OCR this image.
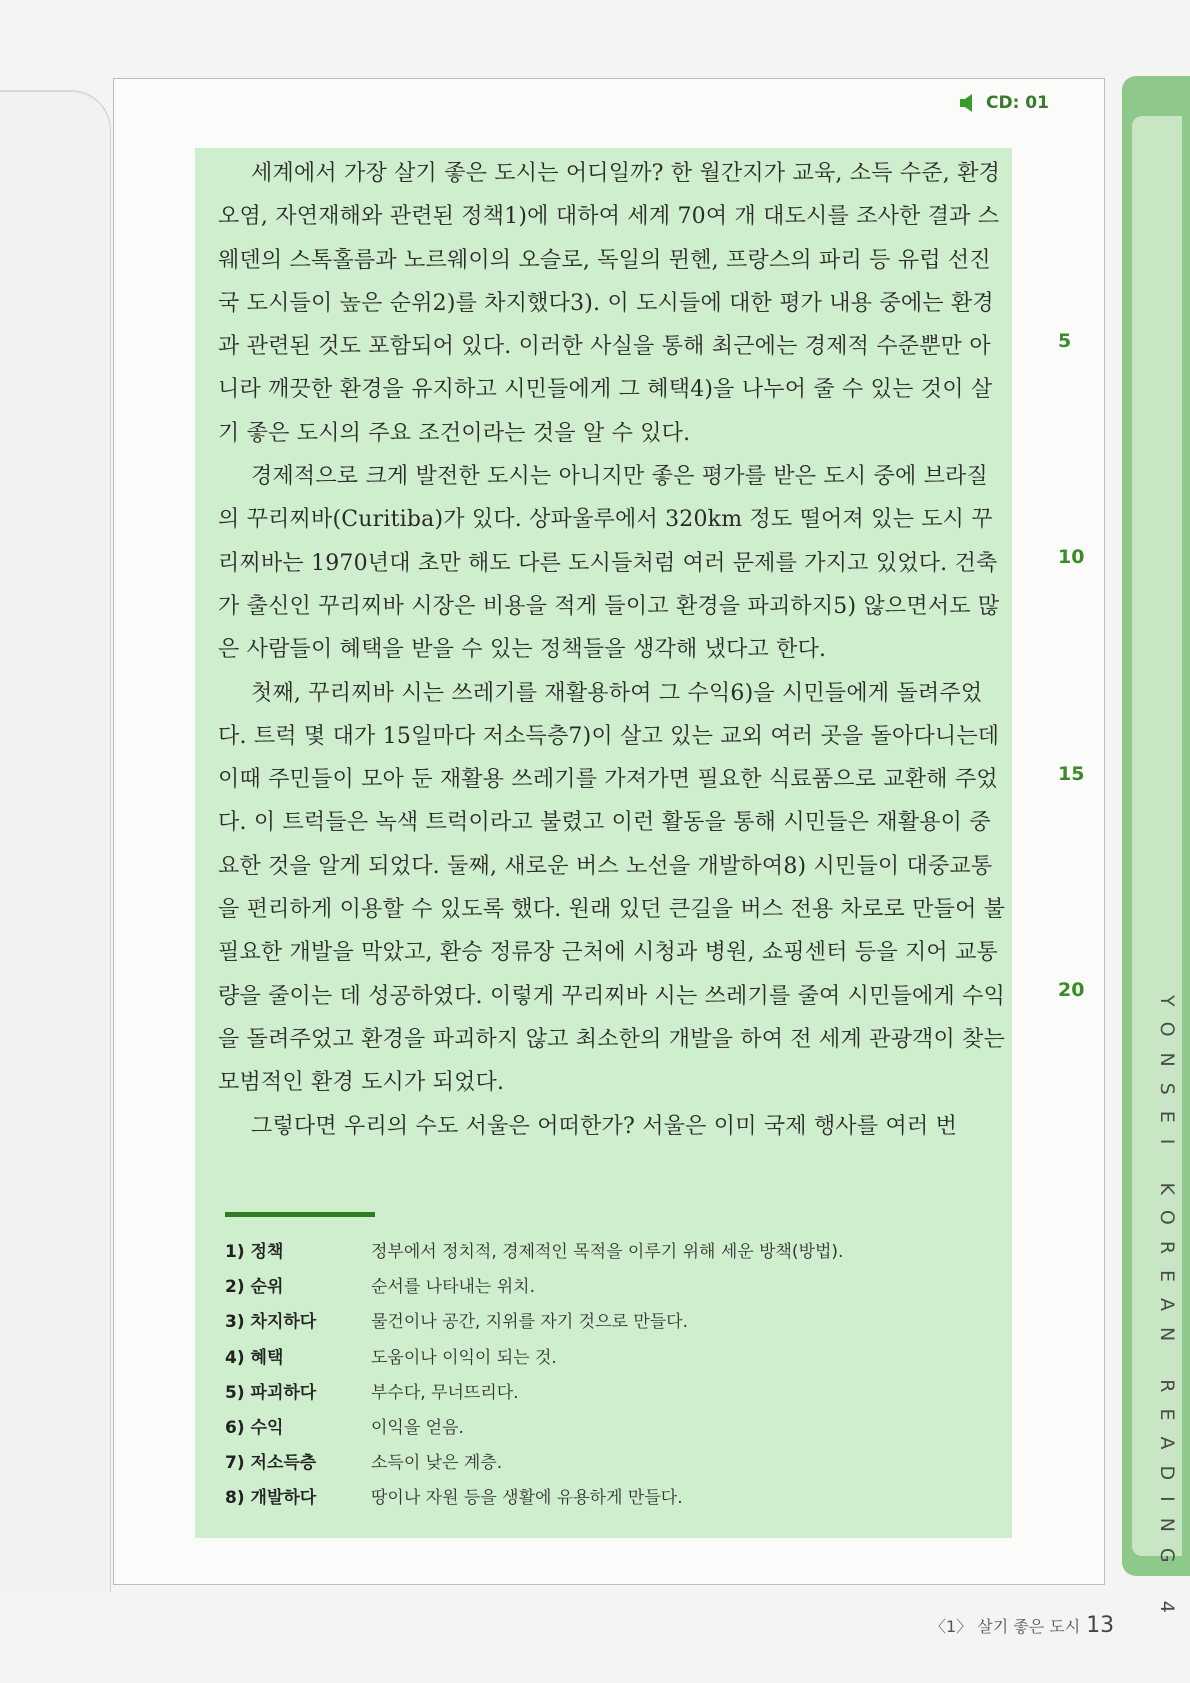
YONSEI KOREAN READING 4
CD: 01

세계에서 가장 살기 좋은 도시는 어디일까? 한 월간지가 교육, 소득 수준, 환경오염, 자연재해와 관련된 정책1)에 대하여 세계 70여 개 대도시를 조사한 결과 스웨덴의 스톡홀름과 노르웨이의 오슬로, 독일의 뮌헨, 프랑스의 파리 등 유럽 선진국 도시들이 높은 순위2)를 차지했다3). 이 도시들에 대한 평가 내용 중에는 환경과 관련된 것도 포함되어 있다. 이러한 사실을 통해 최근에는 경제적 수준뿐만 아니라 깨끗한 환경을 유지하고 시민들에게 그 혜택4)을 나누어 줄 수 있는 것이 살기 좋은 도시의 주요 조건이라는 것을 알 수 있다.

경제적으로 크게 발전한 도시는 아니지만 좋은 평가를 받은 도시 중에 브라질의 꾸리찌바(Curitiba)가 있다. 상파울루에서 320km 정도 떨어져 있는 도시 꾸리찌바는 1970년대 초만 해도 다른 도시들처럼 여러 문제를 가지고 있었다. 건축가 출신인 꾸리찌바 시장은 비용을 적게 들이고 환경을 파괴하지5) 않으면서도 많은 사람들이 혜택을 받을 수 있는 정책들을 생각해 냈다고 한다.

첫째, 꾸리찌바 시는 쓰레기를 재활용하여 그 수익6)을 시민들에게 돌려주었다. 트럭 몇 대가 15일마다 저소득층7)이 살고 있는 교외 여러 곳을 돌아다니는데 이때 주민들이 모아 둔 재활용 쓰레기를 가져가면 필요한 식료품으로 교환해 주었다. 이 트럭들은 녹색 트럭이라고 불렸고 이런 활동을 통해 시민들은 재활용이 중요한 것을 알게 되었다. 둘째, 새로운 버스 노선을 개발하여8) 시민들이 대중교통을 편리하게 이용할 수 있도록 했다. 원래 있던 큰길을 버스 전용 차로로 만들어 불필요한 개발을 막았고, 환승 정류장 근처에 시청과 병원, 쇼핑센터 등을 지어 교통량을 줄이는 데 성공하였다. 이렇게 꾸리찌바 시는 쓰레기를 줄여 시민들에게 수익을 돌려주었고 환경을 파괴하지 않고 최소한의 개발을 하여 전 세계 관광객이 찾는 모범적인 환경 도시가 되었다.

그렇다면 우리의 수도 서울은 어떠한가? 서울은 이미 국제 행사를 여러 번

5
10
15
20
1) 정책	정부에서 정치적, 경제적인 목적을 이루기 위해 세운 방책(방법).
2) 순위	순서를 나타내는 위치.
3) 차지하다	물건이나 공간, 지위를 자기 것으로 만들다.
4) 혜택	도움이나 이익이 되는 것.
5) 파괴하다	부수다, 무너뜨리다.
6) 수익	이익을 얻음.
7) 저소득층	소득이 낮은 계층.
8) 개발하다	땅이나 자원 등을 생활에 유용하게 만들다.
〈1〉 살기 좋은 도시 13
